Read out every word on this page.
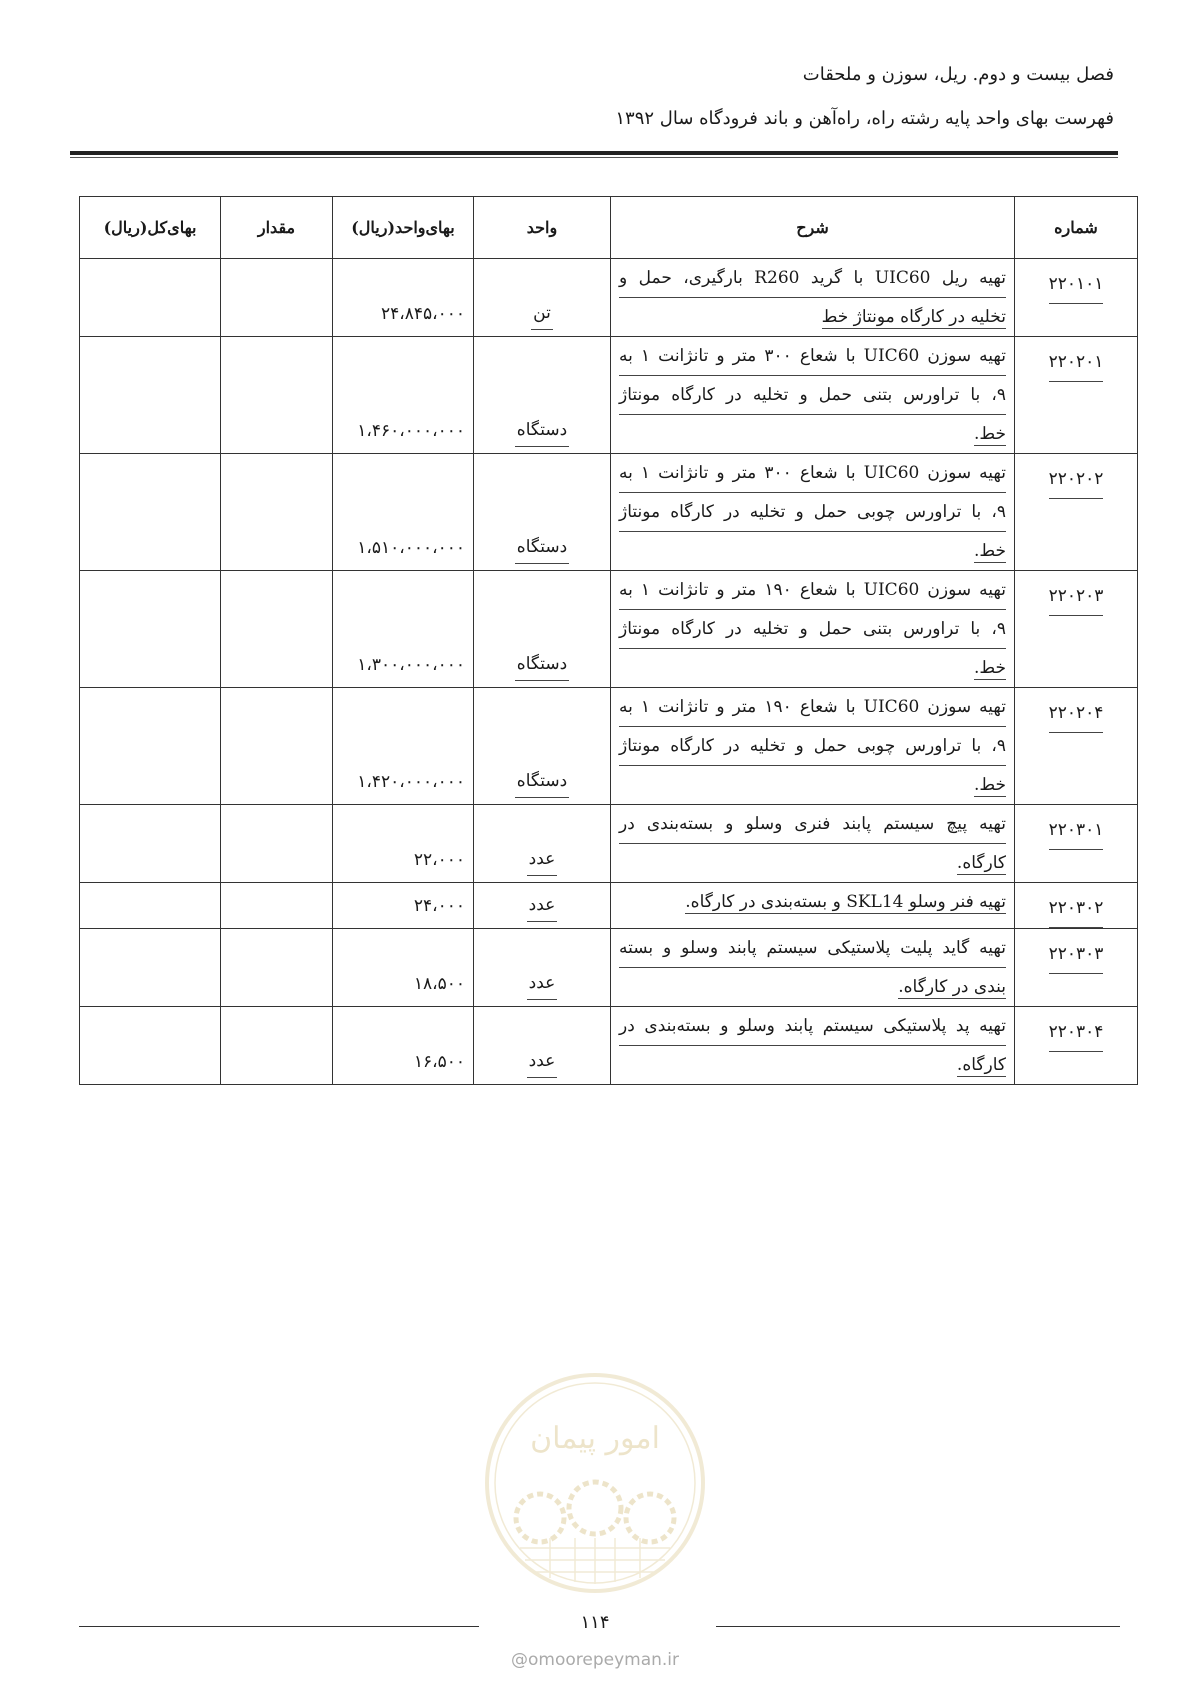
فصل بیست و دوم. ریل، سوزن و ملحقات
فهرست بهای واحد پایه رشته راه، راه‌آهن و باند فرودگاه سال ۱۳۹۲
شماره	شرح	واحد	بهای‌واحد(ریال)	مقدار	بهای‌کل(ریال)
۲۲۰۱۰۱	تهیه ریل UIC60 با گرید R260 بارگیری، حمل و
تخلیه در کارگاه مونتاژ خط	تن	۲۴،۸۴۵،۰۰۰		
۲۲۰۲۰۱	تهیه سوزن UIC60 با شعاع ۳۰۰ متر و تانژانت ۱ به
۹، با تراورس بتنی حمل و تخلیه در کارگاه مونتاژ
خط.	دستگاه	۱،۴۶۰،۰۰۰،۰۰۰		
۲۲۰۲۰۲	تهیه سوزن UIC60 با شعاع ۳۰۰ متر و تانژانت ۱ به
۹، با تراورس چوبی حمل و تخلیه در کارگاه مونتاژ
خط.	دستگاه	۱،۵۱۰،۰۰۰،۰۰۰		
۲۲۰۲۰۳	تهیه سوزن UIC60 با شعاع ۱۹۰ متر و تانژانت ۱ به
۹، با تراورس بتنی حمل و تخلیه در کارگاه مونتاژ
خط.	دستگاه	۱،۳۰۰،۰۰۰،۰۰۰		
۲۲۰۲۰۴	تهیه سوزن UIC60 با شعاع ۱۹۰ متر و تانژانت ۱ به
۹، با تراورس چوبی حمل و تخلیه در کارگاه مونتاژ
خط.	دستگاه	۱،۴۲۰،۰۰۰،۰۰۰		
۲۲۰۳۰۱	تهیه پیچ سیستم پابند فنری وسلو و بسته‌بندی در
کارگاه.	عدد	۲۲،۰۰۰		
۲۲۰۳۰۲	تهیه فنر وسلو SKL14 و بسته‌بندی در کارگاه.	عدد	۲۴،۰۰۰		
۲۲۰۳۰۳	تهیه گاید پلیت پلاستیکی سیستم پابند وسلو و بسته
بندی در کارگاه.	عدد	۱۸،۵۰۰		
۲۲۰۳۰۴	تهیه پد پلاستیکی سیستم پابند وسلو و بسته‌بندی در
کارگاه.	عدد	۱۶،۵۰۰		
امور پیمان
۱۱۴
@omoorepeyman.ir
